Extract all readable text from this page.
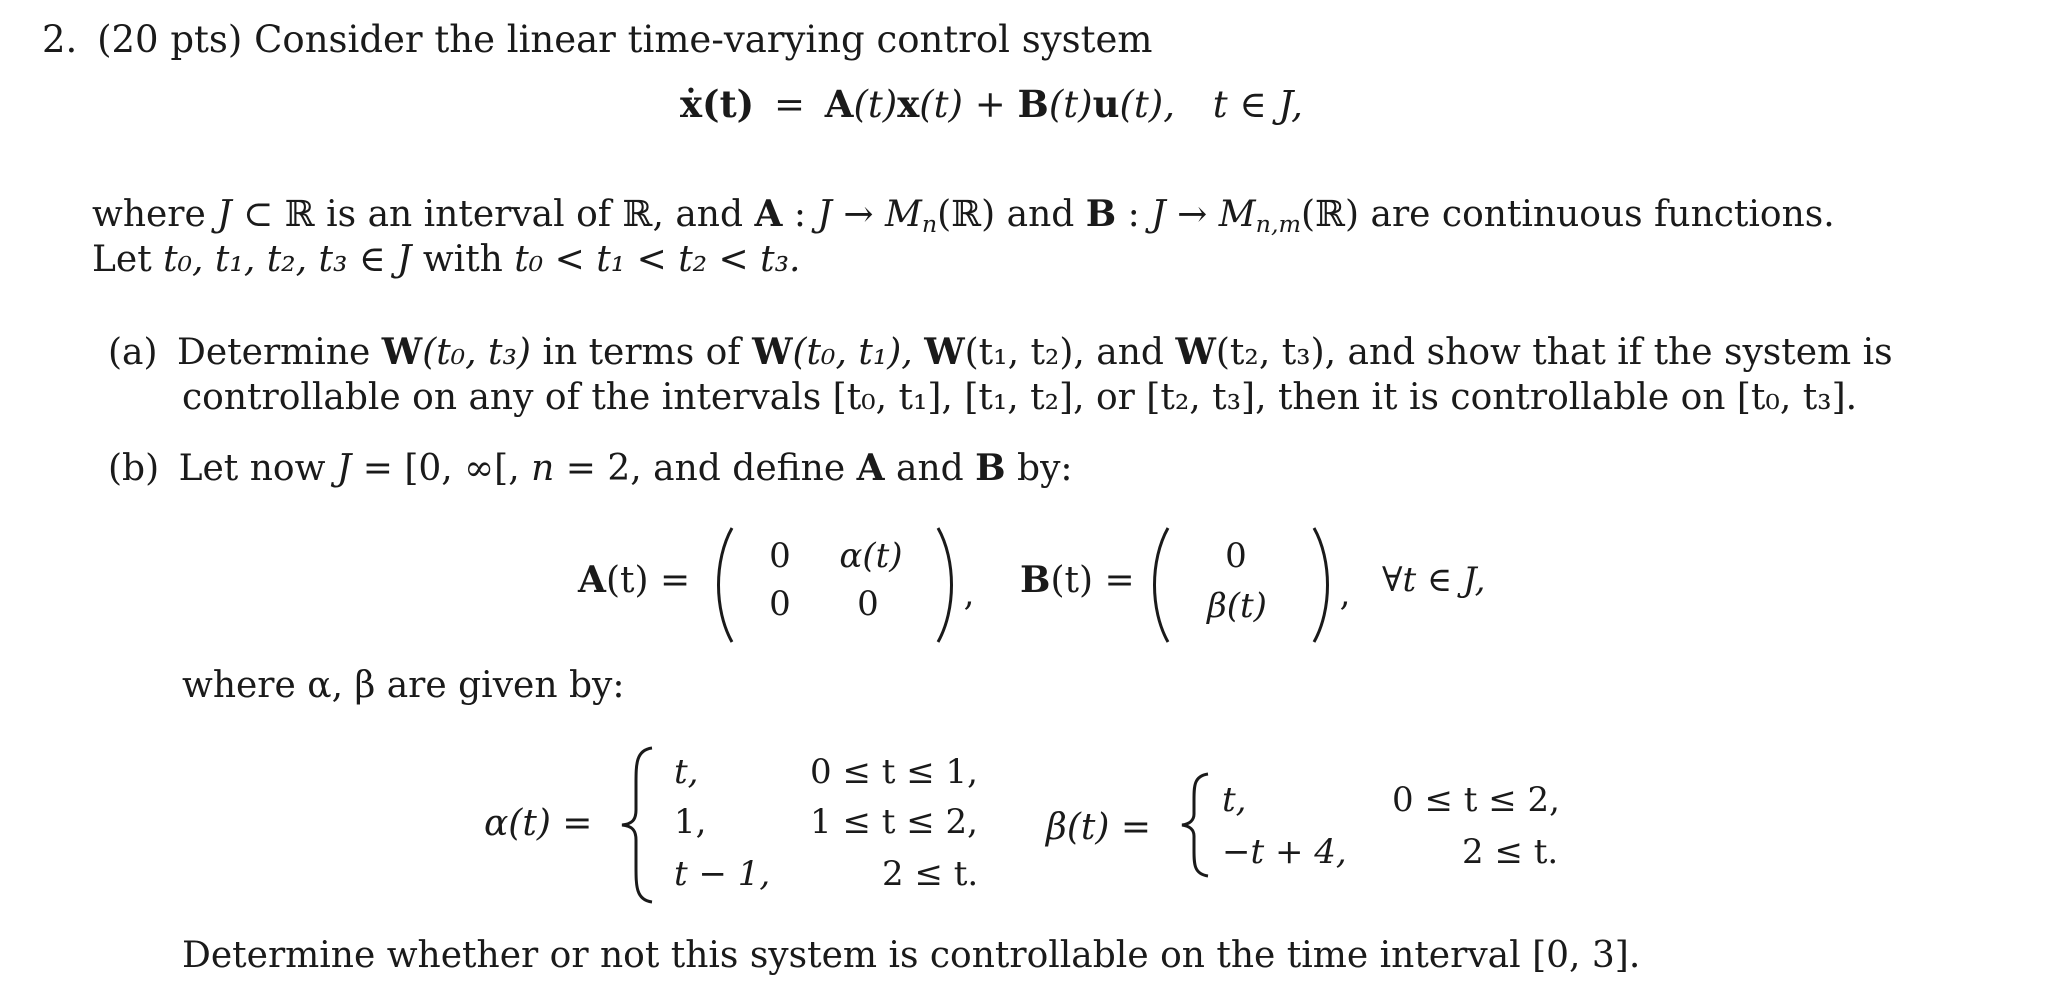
2. (20 pts) Consider the linear time-varying control system
ẋ(t) = A(t)x(t) + B(t)u(t), t ∈ J,
where J ⊂ ℝ is an interval of ℝ, and A : $J \to M_n(ℝ)$ and B : $J \to M_{n,m}(ℝ)$ are continuous functions.
Let t₀, t₁, t₂, t₃ ∈ J with t₀ < t₁ < t₂ < t₃.
(a) Determine W(t₀, t₃) in terms of W(t₀, t₁), W(t₁, t₂), and W(t₂, t₃), and show that if the system is
controllable on any of the intervals [t₀, t₁], [t₁, t₂], or [t₂, t₃], then it is controllable on [t₀, t₃].
(b) Let now J = [0, ∞[, n = 2, and define A and B by:
A(t) =
0	α(t)
0 0 , B(t) =
0
β(t)	, ∀t ∈ J,
where α, β are given by:
α(t) =
t,	0 ≤ t ≤ 1,
1,	1 ≤ t ≤ 2,
t − 1,	2 ≤ t.
β(t) =
t,	0 ≤ t ≤ 2,
−t + 4,	2 ≤ t.
Determine whether or not this system is controllable on the time interval [0, 3].
